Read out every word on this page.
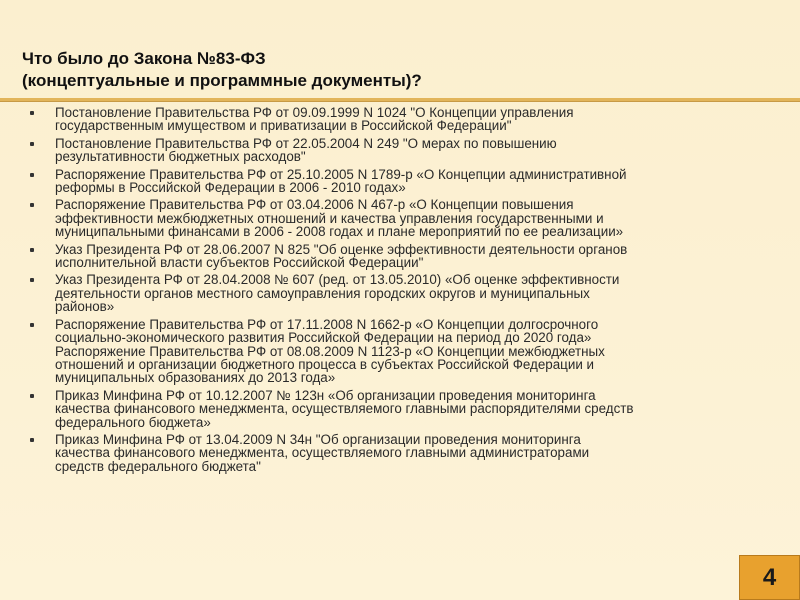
Что было до Закона №83-ФЗ
(концептуальные и программные документы)?
Постановление Правительства РФ от 09.09.1999 N 1024 "О Концепции управления
государственным имуществом и приватизации в Российской Федерации"
Постановление Правительства РФ от 22.05.2004 N 249 "О мерах по повышению
результативности бюджетных расходов"
Распоряжение Правительства РФ от 25.10.2005 N 1789-р «О Концепции административной
реформы в Российской Федерации в 2006 - 2010 годах»
Распоряжение Правительства РФ от 03.04.2006 N 467-р «О Концепции повышения
эффективности межбюджетных отношений и качества управления государственными и
муниципальными финансами в 2006 - 2008 годах и плане мероприятий по ее реализации»
Указ Президента РФ от 28.06.2007 N 825 "Об оценке эффективности деятельности органов
исполнительной власти субъектов Российской Федерации"
Указ Президента РФ от 28.04.2008 № 607 (ред. от 13.05.2010) «Об оценке эффективности
деятельности органов местного самоуправления городских округов и муниципальных
районов»
Распоряжение Правительства РФ от 17.11.2008 N 1662-р «О Концепции долгосрочного
социально-экономического развития Российской Федерации на период до 2020 года»
Распоряжение Правительства РФ от 08.08.2009 N 1123-р «О Концепции межбюджетных
отношений и организации бюджетного процесса в субъектах Российской Федерации и
муниципальных образованиях до 2013 года»
Приказ Минфина РФ от 10.12.2007 № 123н «Об организации проведения мониторинга
качества финансового менеджмента, осуществляемого главными распорядителями средств
федерального бюджета»
Приказ Минфина РФ от 13.04.2009 N 34н "Об организации проведения мониторинга
качества финансового менеджмента, осуществляемого главными администраторами
средств федерального бюджета"
4
